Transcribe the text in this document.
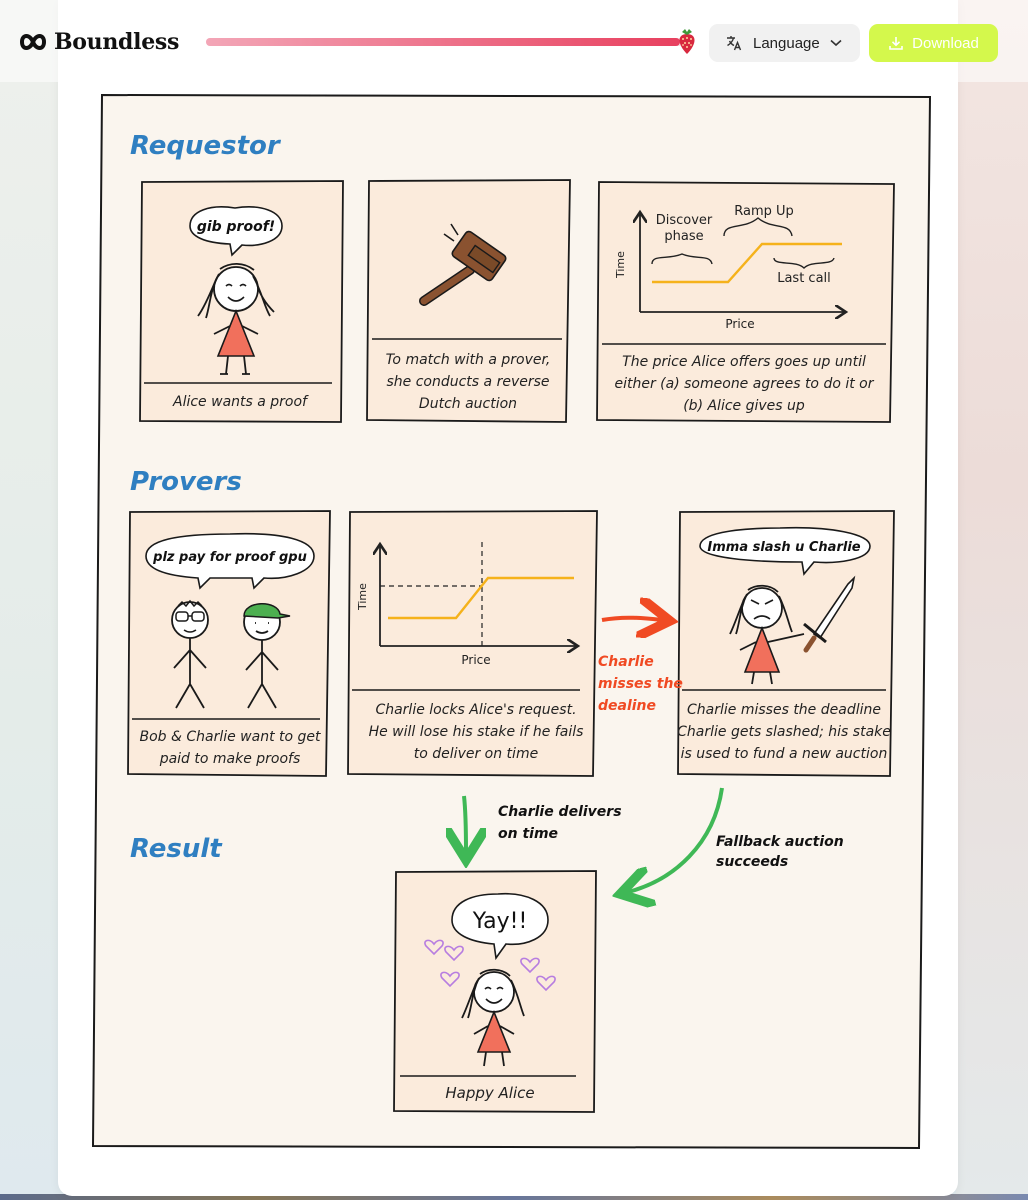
Boundless	Language	Download
Requestor
Provers
Result
gib proof!
Alice wants a proof
To match with a prover,
she conducts a reverse
Dutch auction
Discover
phase
Ramp Up
Last call
Time
Price
The price Alice offers goes up until
either (a) someone agrees to do it or
(b) Alice gives up
plz pay for proof gpu
Bob & Charlie want to get
paid to make proofs
Time
Price
Charlie locks Alice's request.
He will lose his stake if he fails
to deliver on time
Imma slash u Charlie
Charlie misses the deadline
Charlie gets slashed; his stake
is used to fund a new auction
Charlie
misses the
dealine
Charlie delivers
on time	Fallback auction
succeeds
Yay!!
Happy Alice
